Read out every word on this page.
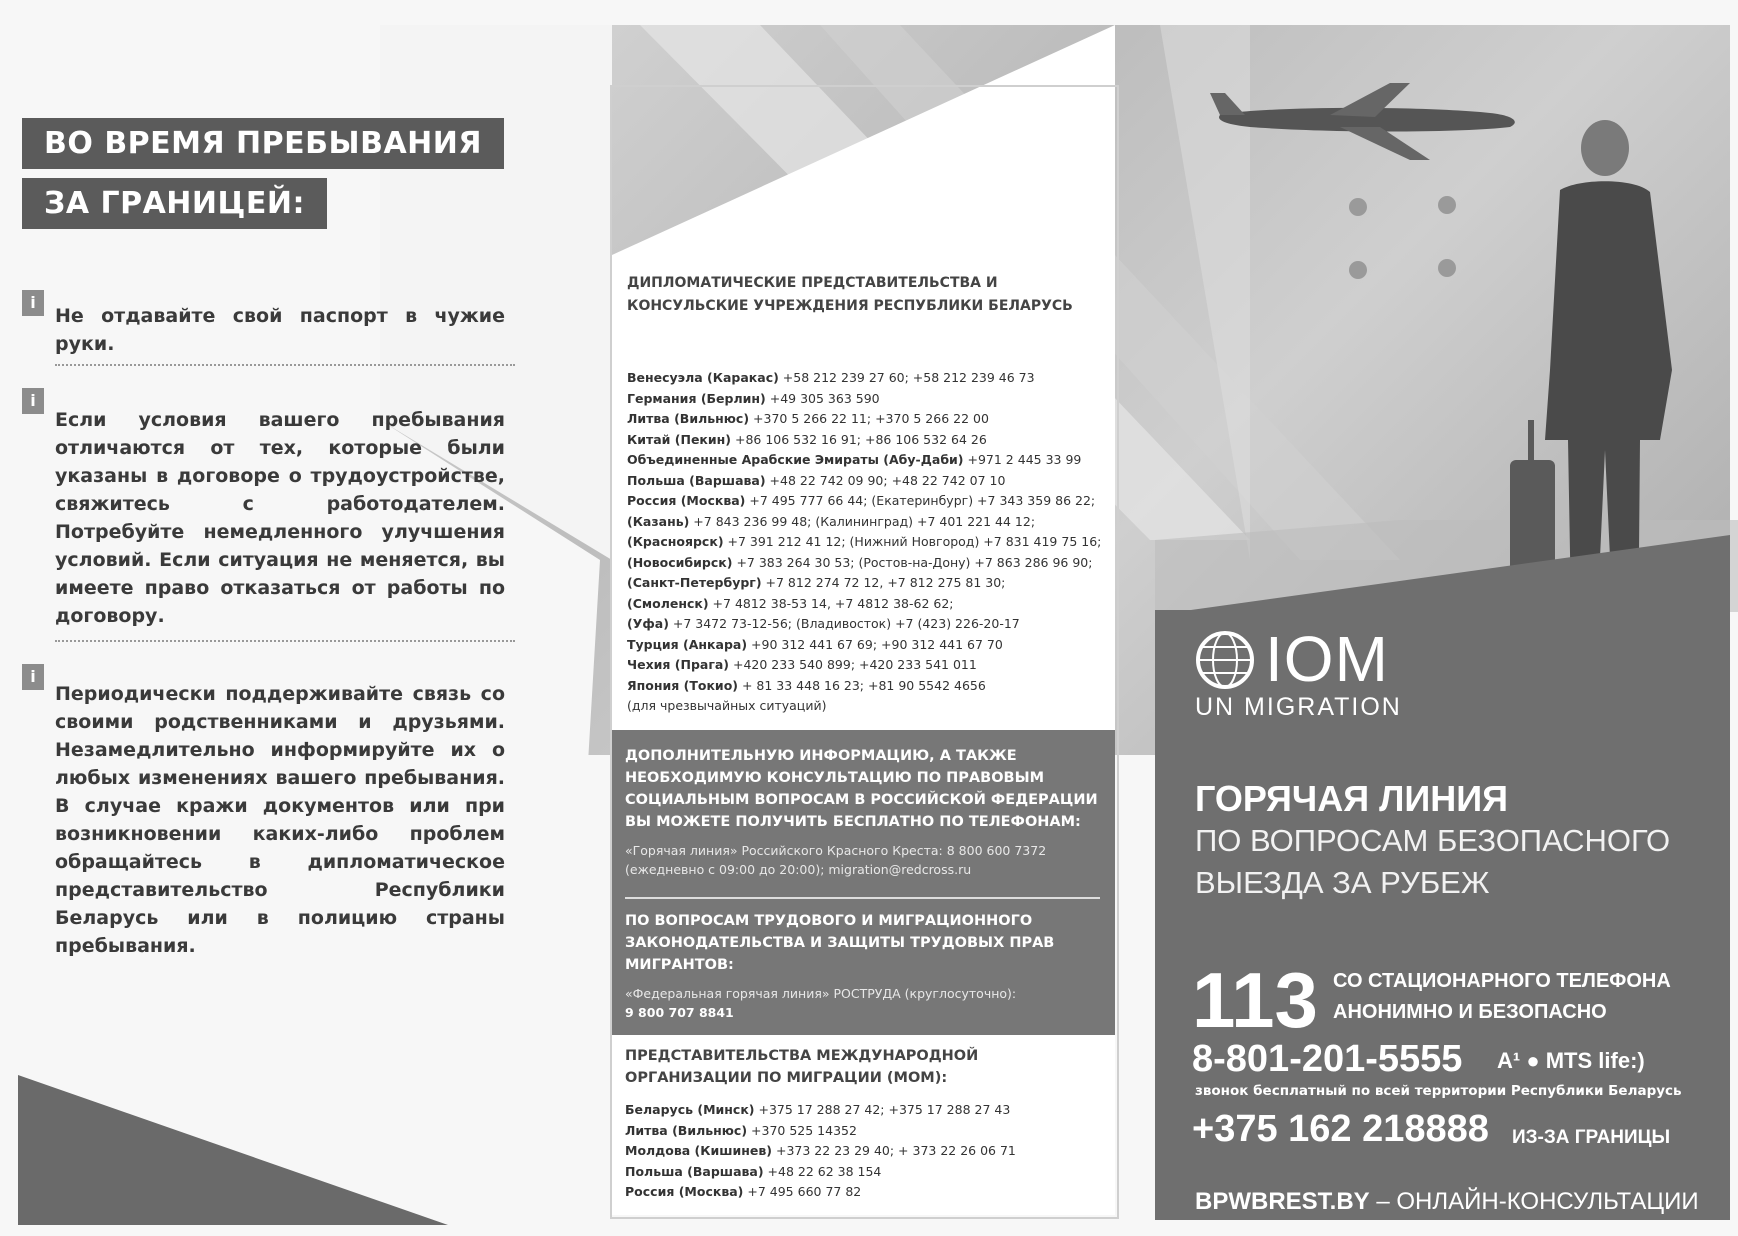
ВО ВРЕМЯ ПРЕБЫВАНИЯ
ЗА ГРАНИЦЕЙ:
i
Не отдавайте свой паспорт в чужие руки.
i
Если условия вашего пребывания отличаются от тех, которые были указаны в договоре о трудоустройстве, свяжитесь с работодателем. Потребуйте немедленного улучшения условий. Если ситуация не меняется, вы имеете право отказаться от работы по договору.
i
Периодически поддерживайте связь со своими родственниками и друзьями. Незамедлительно информируйте их о любых изменениях вашего пребывания. В случае кражи документов или при возникновении каких-либо проблем обращайтесь в дипломатическое представительство Республики Беларусь или в полицию страны пребывания.
ДИПЛОМАТИЧЕСКИЕ ПРЕДСТАВИТЕЛЬСТВА И КОНСУЛЬСКИЕ УЧРЕЖДЕНИЯ РЕСПУБЛИКИ БЕЛАРУСЬ
Венесуэла (Каракас) +58 212 239 27 60; +58 212 239 46 73
Германия (Берлин) +49 305 363 590
Литва (Вильнюс) +370 5 266 22 11; +370 5 266 22 00
Китай (Пекин) +86 106 532 16 91; +86 106 532 64 26
Объединенные Арабские Эмираты (Абу-Даби) +971 2 445 33 99
Польша (Варшава) +48 22 742 09 90; +48 22 742 07 10
Россия (Москва) +7 495 777 66 44; (Екатеринбург) +7 343 359 86 22;
(Казань) +7 843 236 99 48; (Калининград) +7 401 221 44 12;
(Красноярск) +7 391 212 41 12; (Нижний Новгород) +7 831 419 75 16;
(Новосибирск) +7 383 264 30 53; (Ростов-на-Дону) +7 863 286 96 90;
(Санкт-Петербург) +7 812 274 72 12, +7 812 275 81 30;
(Смоленск) +7 4812 38-53 14, +7 4812 38-62 62;
(Уфа) +7 3472 73-12-56; (Владивосток) +7 (423) 226-20-17
Турция (Анкара) +90 312 441 67 69; +90 312 441 67 70
Чехия (Прага) +420 233 540 899; +420 233 541 011
Япония (Токио) + 81 33 448 16 23; +81 90 5542 4656
(для чрезвычайных ситуаций)
ДОПОЛНИТЕЛЬНУЮ ИНФОРМАЦИЮ, А ТАКЖЕ НЕОБХОДИМУЮ КОНСУЛЬТАЦИЮ ПО ПРАВОВЫМ СОЦИАЛЬНЫМ ВОПРОСАМ В РОССИЙСКОЙ ФЕДЕРАЦИИ ВЫ МОЖЕТЕ ПОЛУЧИТЬ БЕСПЛАТНО ПО ТЕЛЕФОНАМ:
«Горячая линия» Российского Красного Креста: 8 800 600 7372
(ежедневно с 09:00 до 20:00); migration@redcross.ru
ПО ВОПРОСАМ ТРУДОВОГО И МИГРАЦИОННОГО ЗАКОНОДАТЕЛЬСТВА И ЗАЩИТЫ ТРУДОВЫХ ПРАВ МИГРАНТОВ:
«Федеральная горячая линия» РОСТРУДА (круглосуточно):
9 800 707 8841
ПРЕДСТАВИТЕЛЬСТВА МЕЖДУНАРОДНОЙ ОРГАНИЗАЦИИ ПО МИГРАЦИИ (МОМ):
Беларусь (Минск) +375 17 288 27 42; +375 17 288 27 43
Литва (Вильнюс) +370 525 14352
Молдова (Кишинев) +373 22 23 29 40; + 373 22 26 06 71
Польша (Варшава) +48 22 62 38 154
Россия (Москва) +7 495 660 77 82
IOM
UN MIGRATION
ГОРЯЧАЯ ЛИНИЯ
ПО ВОПРОСАМ БЕЗОПАСНОГО
ВЫЕЗДА ЗА РУБЕЖ
113 СО СТАЦИОНАРНОГО ТЕЛЕФОНА
АНОНИМНО И БЕЗОПАСНО
8-801-201-5555 A¹ ● MTS life:)
звонок бесплатный по всей территории Республики Беларусь
+375 162 218888 ИЗ-ЗА ГРАНИЦЫ
BPWBREST.BY – ОНЛАЙН-КОНСУЛЬТАЦИИ
